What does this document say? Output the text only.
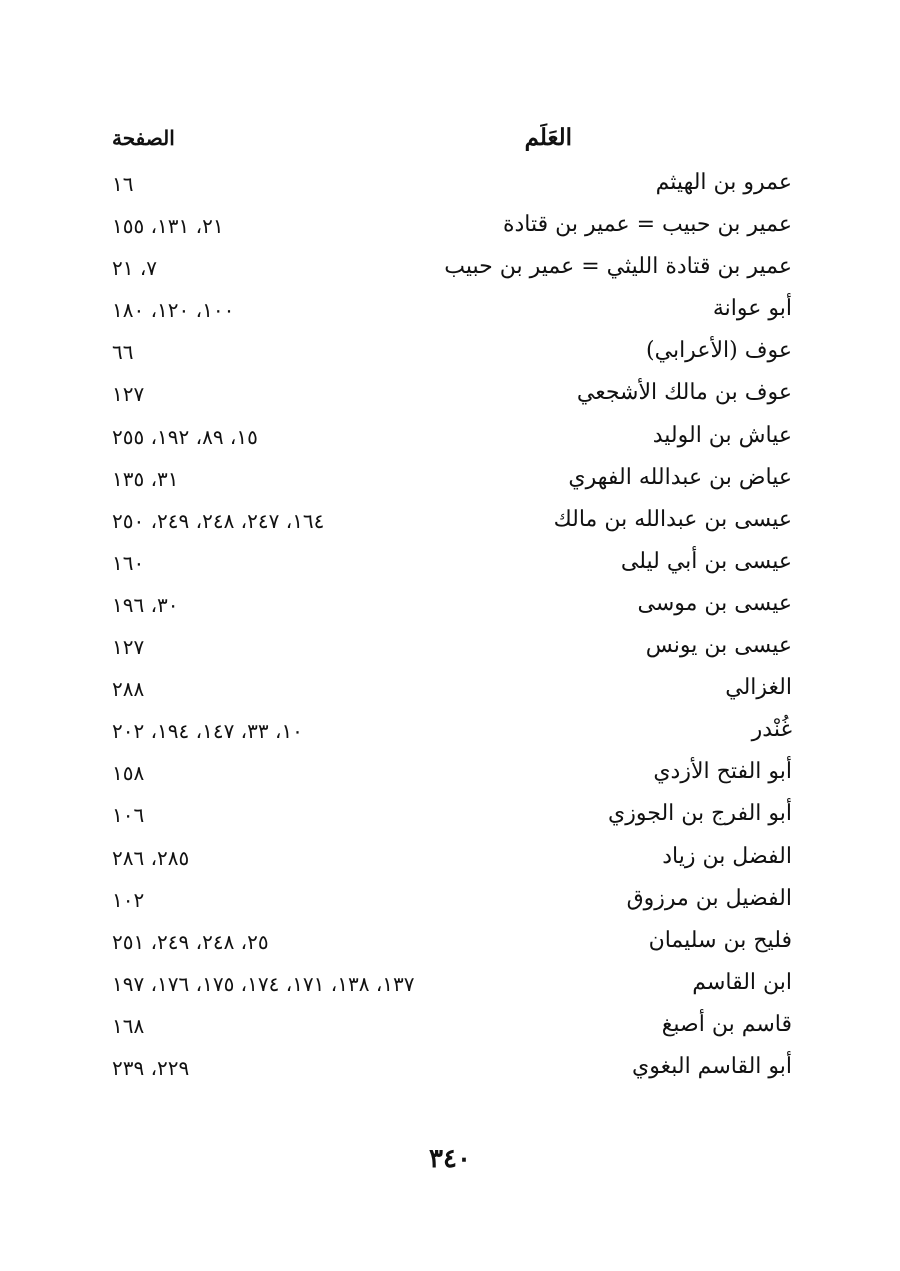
العَلَم
الصفحة
عمرو بن الهيثم
١٦
عمير بن حبيب = عمير بن قتادة
٢١، ١٣١، ١٥٥
عمير بن قتادة الليثي = عمير بن حبيب
٧، ٢١
أبو عوانة
١٠٠، ١٢٠، ١٨٠
عوف (الأعرابي)
٦٦
عوف بن مالك الأشجعي
١٢٧
عياش بن الوليد
١٥، ٨٩، ١٩٢، ٢٥٥
عياض بن عبدالله الفهري
٣١، ١٣٥
عيسى بن عبدالله بن مالك
١٦٤، ٢٤٧، ٢٤٨، ٢٤٩، ٢٥٠
عيسى بن أبي ليلى
١٦٠
عيسى بن موسى
٣٠، ١٩٦
عيسى بن يونس
١٢٧
الغزالي
٢٨٨
غُنْدر
١٠، ٣٣، ١٤٧، ١٩٤، ٢٠٢
أبو الفتح الأزدي
١٥٨
أبو الفرج بن الجوزي
١٠٦
الفضل بن زياد
٢٨٥، ٢٨٦
الفضيل بن مرزوق
١٠٢
فليح بن سليمان
٢٥، ٢٤٨، ٢٤٩، ٢٥١
ابن القاسم
١٣٧، ١٣٨، ١٧١، ١٧٤، ١٧٥، ١٧٦، ١٩٧
قاسم بن أصبغ
١٦٨
أبو القاسم البغوي
٢٢٩، ٢٣٩
٣٤٠
